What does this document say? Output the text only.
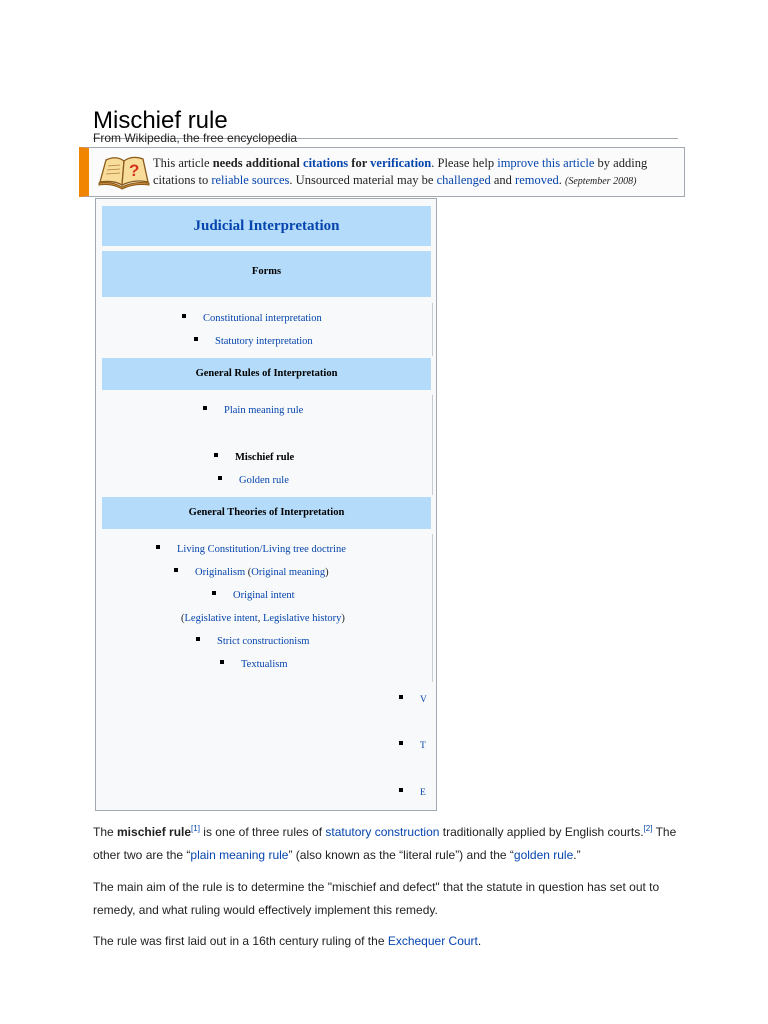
Mischief rule
From Wikipedia, the free encyclopedia
? This article needs additional citations for verification. Please help improve this article by adding citations to reliable sources. Unsourced material may be challenged and removed. (September 2008)
Judicial Interpretation
Forms
Constitutional interpretation
Statutory interpretation
General Rules of Interpretation
Plain meaning rule
Mischief rule
Golden rule
General Theories of Interpretation
Living Constitution/Living tree doctrine
Originalism (Original meaning)
Original intent
(Legislative intent, Legislative history)
Strict constructionism
Textualism
V
T
E

The mischief rule[1] is one of three rules of statutory construction traditionally applied by English courts.[2] The other two are the “plain meaning rule” (also known as the “literal rule”) and the “golden rule.”

The main aim of the rule is to determine the "mischief and defect" that the statute in question has set out to remedy, and what ruling would effectively implement this remedy.

The rule was first laid out in a 16th century ruling of the Exchequer Court.
